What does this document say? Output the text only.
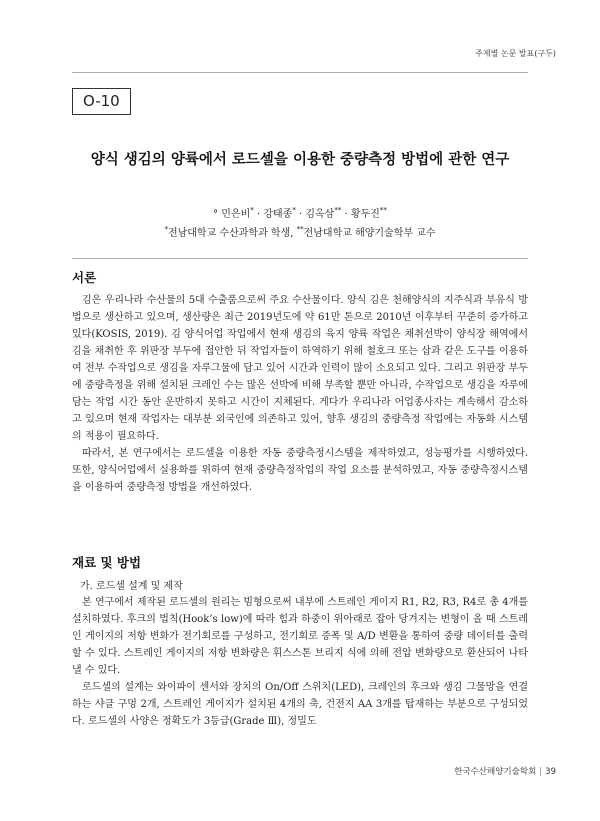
주제별 논문 발표(구두)
O-10
양식 생김의 양륙에서 로드셀을 이용한 중량측정 방법에 관한 연구
° 민은비* · 강태종* · 김옥삼** · 황두진**
*전남대학교 수산과학과 학생, **전남대학교 해양기술학부 교수
서론

김은 우리나라 수산물의 5대 수출품으로써 주요 수산물이다. 양식 김은 천해양식의 지주식과 부유식 방법으로 생산하고 있으며, 생산량은 최근 2019년도에 약 61만 톤으로 2010년 이후부터 꾸준히 증가하고 있다(KOSIS, 2019). 김 양식어업 작업에서 현재 생김의 육지 양륙 작업은 채취선박이 양식장 해역에서 김을 채취한 후 위판장 부두에 접안한 뒤 작업자들이 하역하기 위해 철호크 또는 삽과 같은 도구를 이용하여 전부 수작업으로 생김을 자루그물에 담고 있어 시간과 인력이 많이 소요되고 있다. 그리고 위판장 부두에 중량측정을 위해 설치된 크레인 수는 많은 선박에 비해 부족할 뿐만 아니라, 수작업으로 생김을 자루에 담는 작업 시간 동안 운반하지 못하고 시간이 지체된다. 게다가 우리나라 어업종사자는 계속해서 감소하고 있으며 현재 작업자는 대부분 외국인에 의존하고 있어, 향후 생김의 중량측정 작업에는 자동화 시스템의 적용이 필요하다.

따라서, 본 연구에서는 로드셀을 이용한 자동 중량측정시스템을 제작하였고, 성능평가를 시행하였다. 또한, 양식어업에서 실용화를 위하여 현재 중량측정작업의 작업 요소를 분석하였고, 자동 중량측정시스템을 이용하여 중량측정 방법을 개선하였다.

재료 및 방법
가. 로드셀 설계 및 제작

본 연구에서 제작된 로드셀의 원리는 빔형으로써 내부에 스트레인 게이지 R1, R2, R3, R4로 총 4개를 설치하였다. 후크의 법칙(Hook’s low)에 따라 힘과 하중이 위아래로 잡아 당겨지는 변형이 올 때 스트레인 게이지의 저항 변화가 전기회로를 구성하고, 전기회로 증폭 및 A/D 변환을 통하여 중량 데이터를 출력할 수 있다. 스트레인 게이지의 저항 변화량은 휘스스톤 브리지 식에 의해 전압 변화량으로 환산되어 나타낼 수 있다.

로드셀의 설계는 와이파이 센서와 장치의 On/Off 스위치(LED), 크레인의 후크와 생김 그물망을 연결하는 샤클 구멍 2개, 스트레인 게이지가 설치된 4개의 축, 건전지 AA 3개를 탑재하는 부분으로 구성되었다. 로드셀의 사양은 정확도가 3등급(Grade Ⅲ), 정밀도

한국수산해양기술학회 | 39
